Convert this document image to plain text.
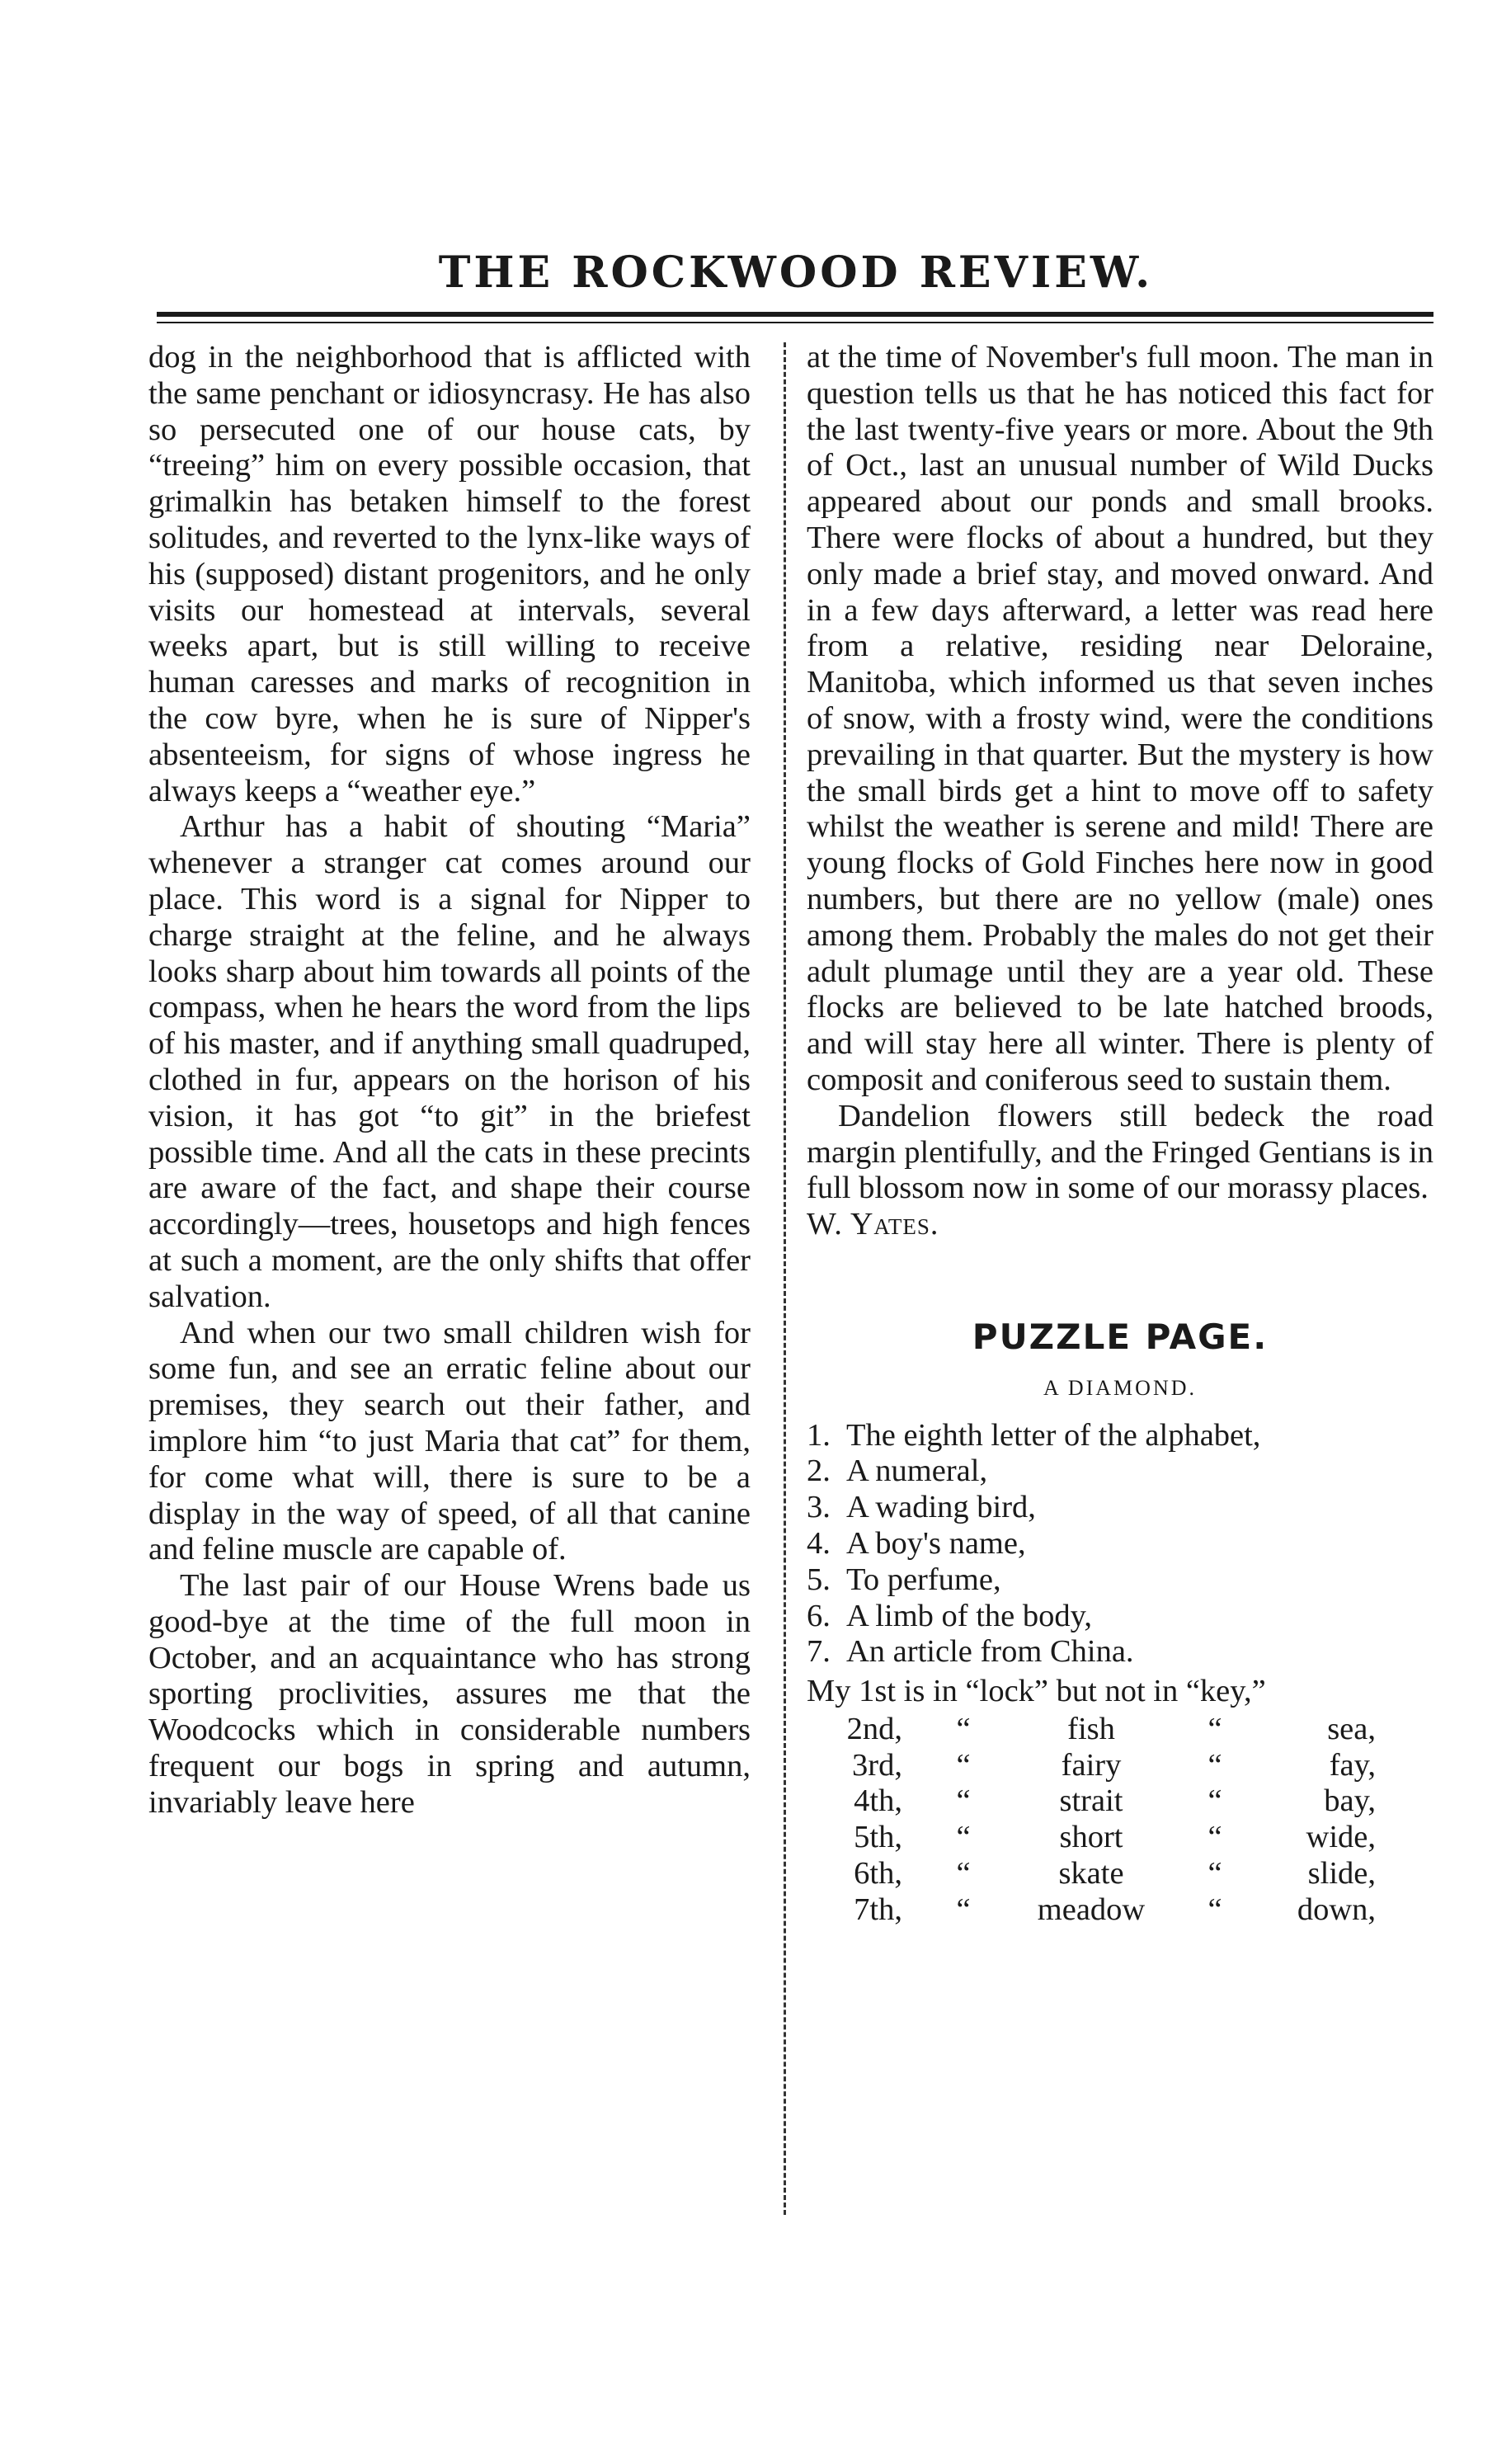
THE ROCKWOOD REVIEW.

dog in the neighborhood that is afflicted with the same penchant or idiosyncrasy. He has also so persecuted one of our house cats, by “treeing” him on every possible occasion, that grimalkin has betaken himself to the forest solitudes, and reverted to the lynx-like ways of his (supposed) distant progenitors, and he only visits our homestead at intervals, several weeks apart, but is still willing to receive human caresses and marks of recognition in the cow byre, when he is sure of Nipper's absenteeism, for signs of whose ingress he always keeps a “weather eye.”

Arthur has a habit of shouting “Maria” whenever a stranger cat comes around our place. This word is a signal for Nipper to charge straight at the feline, and he always looks sharp about him towards all points of the compass, when he hears the word from the lips of his master, and if anything small quadruped, clothed in fur, appears on the horison of his vision, it has got “to git” in the briefest possible time. And all the cats in these precints are aware of the fact, and shape their course accordingly—trees, housetops and high fences at such a moment, are the only shifts that offer salvation.

And when our two small children wish for some fun, and see an erratic feline about our premises, they search out their father, and implore him “to just Maria that cat” for them, for come what will, there is sure to be a display in the way of speed, of all that canine and feline muscle are capable of.

The last pair of our House Wrens bade us good-bye at the time of the full moon in October, and an acquaintance who has strong sporting proclivities, assures me that the Woodcocks which in considerable numbers frequent our bogs in spring and autumn, invariably leave here

at the time of November's full moon. The man in question tells us that he has noticed this fact for the last twenty-five years or more. About the 9th of Oct., last an unusual number of Wild Ducks appeared about our ponds and small brooks. There were flocks of about a hundred, but they only made a brief stay, and moved onward. And in a few days afterward, a letter was read here from a relative, residing near Deloraine, Manitoba, which informed us that seven inches of snow, with a frosty wind, were the conditions prevailing in that quarter. But the mystery is how the small birds get a hint to move off to safety whilst the weather is serene and mild! There are young flocks of Gold Finches here now in good numbers, but there are no yellow (male) ones among them. Probably the males do not get their adult plumage until they are a year old. These flocks are believed to be late hatched broods, and will stay here all winter. There is plenty of composit and coniferous seed to sustain them.

Dandelion flowers still bedeck the road margin plentifully, and the Fringed Gentians is in full blossom now in some of our morassy places.

W. Yates.

PUZZLE PAGE.
A DIAMOND.
1. The eighth letter of the alphabet,
2. A numeral,
3. A wading bird,
4. A boy's name,
5. To perfume,
6. A limb of the body,
7. An article from China.
My 1st is in “lock” but not in “key,”
2nd,	“	fish	“	sea,
3rd,	“	fairy	“	fay,
4th,	“	strait	“	bay,
5th,	“	short	“	wide,
6th,	“	skate	“	slide,
7th,	“	meadow	“	down,
